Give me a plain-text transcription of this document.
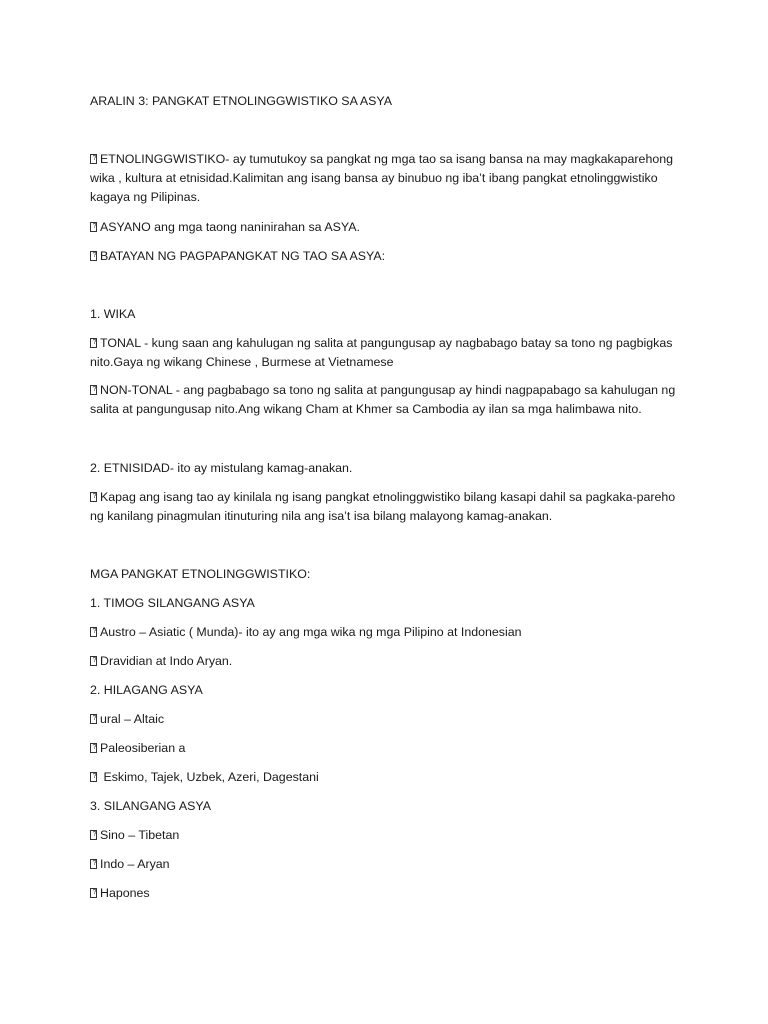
ARALIN 3: PANGKAT ETNOLINGGWISTIKO SA ASYA
?ETNOLINGGWISTIKO- ay tumutukoy sa pangkat ng mga tao sa isang bansa na may magkakaparehong wika , kultura at etnisidad.Kalimitan ang isang bansa ay binubuo ng iba’t ibang pangkat etnolinggwistiko kagaya ng Pilipinas.
?ASYANO ang mga taong naninirahan sa ASYA.
?BATAYAN NG PAGPAPANGKAT NG TAO SA ASYA:
1. WIKA
?TONAL - kung saan ang kahulugan ng salita at pangungusap ay nagbabago batay sa tono ng pagbigkas nito.Gaya ng wikang Chinese , Burmese at Vietnamese
?NON-TONAL - ang pagbabago sa tono ng salita at pangungusap ay hindi nagpapabago sa kahulugan ng salita at pangungusap nito.Ang wikang Cham at Khmer sa Cambodia ay ilan sa mga halimbawa nito.
2. ETNISIDAD- ito ay mistulang kamag-anakan.
?Kapag ang isang tao ay kinilala ng isang pangkat etnolinggwistiko bilang kasapi dahil sa pagkaka-pareho ng kanilang pinagmulan itinuturing nila ang isa’t isa bilang malayong kamag-anakan.
MGA PANGKAT ETNOLINGGWISTIKO:
1. TIMOG SILANGANG ASYA
?Austro – Asiatic ( Munda)- ito ay ang mga wika ng mga Pilipino at Indonesian
?Dravidian at Indo Aryan.
2. HILAGANG ASYA
?ural – Altaic
?Paleosiberian a
? Eskimo, Tajek, Uzbek, Azeri, Dagestani
3. SILANGANG ASYA
?Sino – Tibetan
?Indo – Aryan
?Hapones
